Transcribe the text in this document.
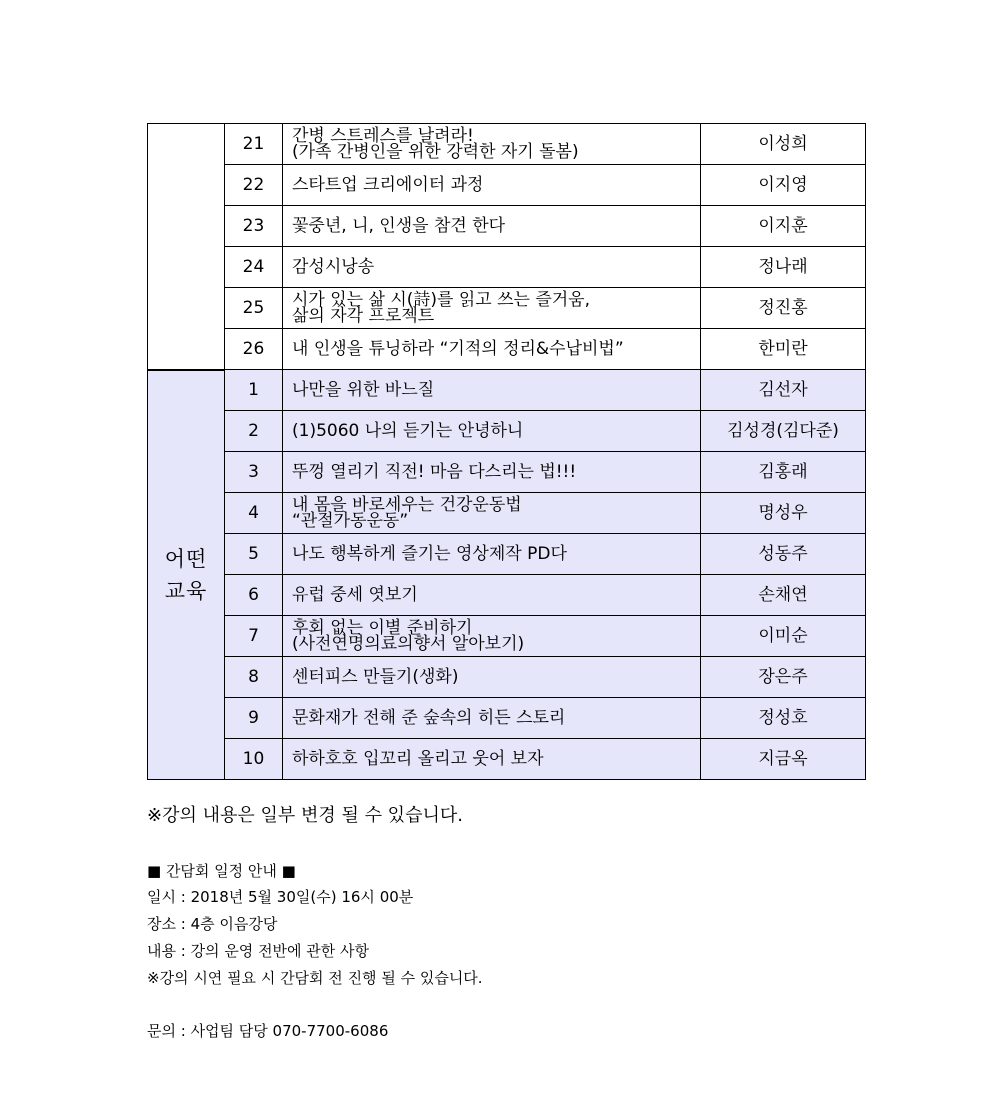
	21	간병 스트레스를 날려라!
(가족 간병인을 위한 강력한 자기 돌봄)	이성희
	22	스타트업 크리에이터 과정	이지영
	23	꽃중년, 니, 인생을 참견 한다	이지훈
	24	감성시낭송	정나래
	25	시가 있는 삶 시(詩)를 읽고 쓰는 즐거움,
삶의 자각 프로젝트	정진홍
	26	내 인생을 튜닝하라 “기적의 정리&수납비법”	한미란

어떤
교육	1	나만을 위한 바느질	김선자
	2	(1)5060 나의 듣기는 안녕하니	김성경(김다준)
	3	뚜껑 열리기 직전! 마음 다스리는 법!!!	김홍래
	4	내 몸을 바로세우는 건강운동법
“관절가동운동”	명성우
	5	나도 행복하게 즐기는 영상제작 PD다	성동주
	6	유럽 중세 엿보기	손채연
	7	후회 없는 이별 준비하기
(사전연명의료의향서 알아보기)	이미순
	8	센터피스 만들기(생화)	장은주
	9	문화재가 전해 준 숲속의 히든 스토리	정성호
	10	하하호호 입꼬리 올리고 웃어 보자	지금옥
※강의 내용은 일부 변경 될 수 있습니다.
■ 간담회 일정 안내 ■
일시 : 2018년 5월 30일(수) 16시 00분
장소 : 4층 이음강당
내용 : 강의 운영 전반에 관한 사항
※강의 시연 필요 시 간담회 전 진행 될 수 있습니다.
문의 : 사업팀 담당 070-7700-6086
